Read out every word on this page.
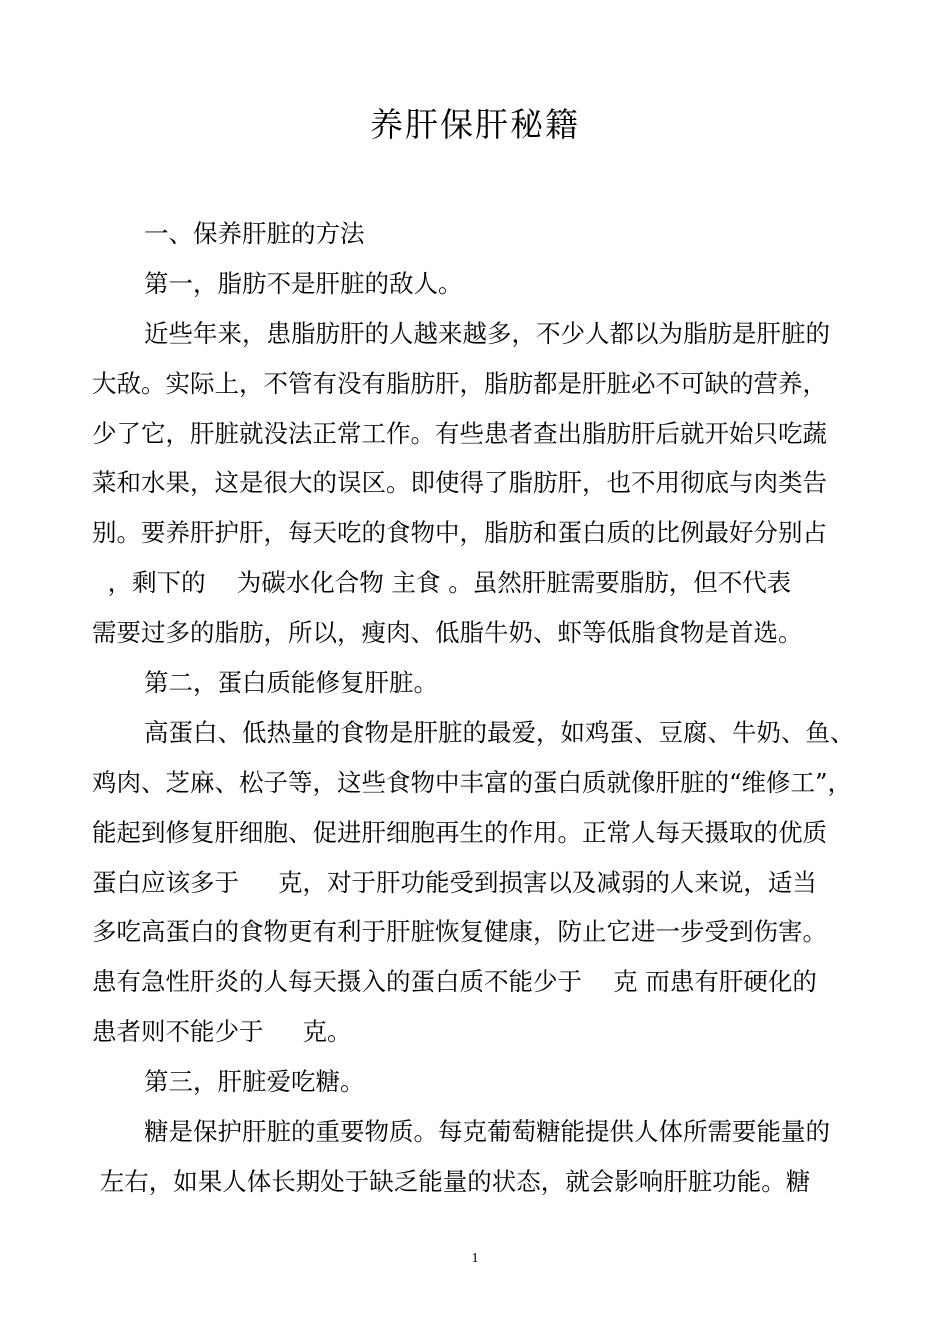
养肝保肝秘籍
一、保养肝脏的方法
第一，脂肪不是肝脏的敌人。
近些年来，患脂肪肝的人越来越多，不少人都以为脂肪是肝脏的
大敌。实际上，不管有没有脂肪肝，脂肪都是肝脏必不可缺的营养，
少了它，肝脏就没法正常工作。有些患者查出脂肪肝后就开始只吃蔬
菜和水果，这是很大的误区。即使得了脂肪肝，也不用彻底与肉类告
别。要养肝护肝，每天吃的食物中，脂肪和蛋白质的比例最好分别占
，剩下的    为碳水化合物 主食 。虽然肝脏需要脂肪，但不代表
需要过多的脂肪，所以，瘦肉、低脂牛奶、虾等低脂食物是首选。
第二，蛋白质能修复肝脏。
高蛋白、低热量的食物是肝脏的最爱，如鸡蛋、豆腐、牛奶、鱼、
鸡肉、芝麻、松子等，这些食物中丰富的蛋白质就像肝脏的“维修工”，
能起到修复肝细胞、促进肝细胞再生的作用。正常人每天摄取的优质
蛋白应该多于     克，对于肝功能受到损害以及减弱的人来说，适当
多吃高蛋白的食物更有利于肝脏恢复健康，防止它进一步受到伤害。
患有急性肝炎的人每天摄入的蛋白质不能少于    克 而患有肝硬化的
患者则不能少于     克。
第三，肝脏爱吃糖。
糖是保护肝脏的重要物质。每克葡萄糖能提供人体所需要能量的
左右，如果人体长期处于缺乏能量的状态，就会影响肝脏功能。糖
1
